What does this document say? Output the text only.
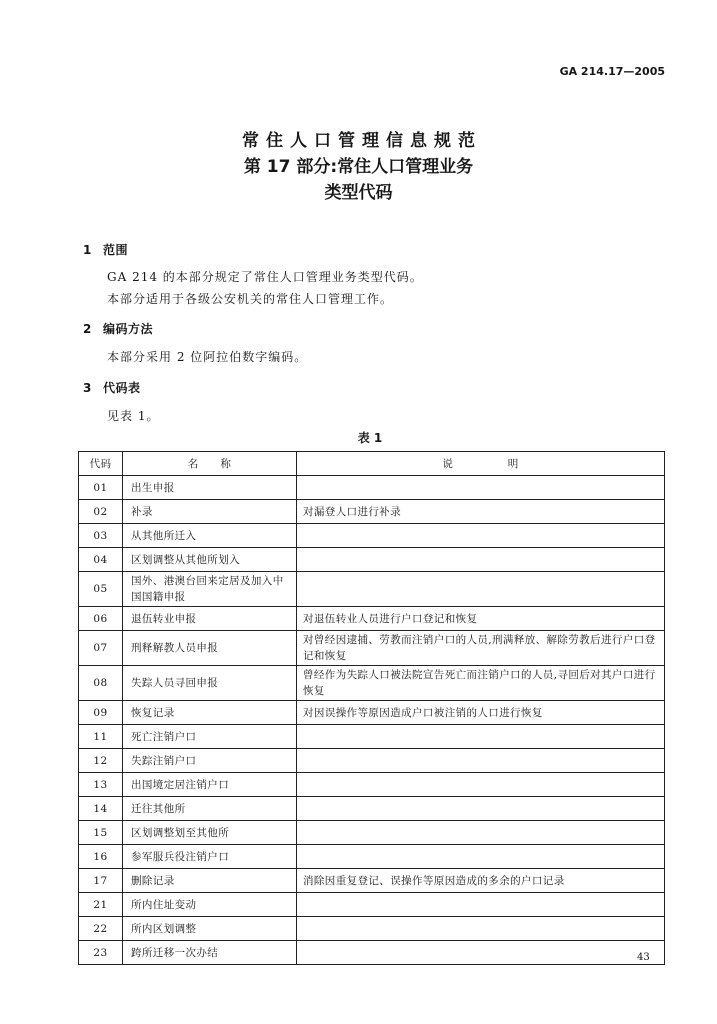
GA 214.17—2005
常住人口管理信息规范
第 17 部分:常住人口管理业务
类型代码
1 范围
GA 214 的本部分规定了常住人口管理业务类型代码。
本部分适用于各级公安机关的常住人口管理工作。
2 编码方法
本部分采用 2 位阿拉伯数字编码。
3 代码表
见表 1。
表 1
代码	名　　称	说　　　　　明
01	出生申报	
02	补录	对漏登人口进行补录
03	从其他所迁入	
04	区划调整从其他所划入	
05	国外、港澳台回来定居及加入中国国籍申报	
06	退伍转业申报	对退伍转业人员进行户口登记和恢复
07	刑释解教人员申报	对曾经因逮捕、劳教而注销户口的人员,刑满释放、解除劳教后进行户口登记和恢复
08	失踪人员寻回申报	曾经作为失踪人口被法院宣告死亡而注销户口的人员,寻回后对其户口进行恢复
09	恢复记录	对因误操作等原因造成户口被注销的人口进行恢复
11	死亡注销户口	
12	失踪注销户口	
13	出国境定居注销户口	
14	迁往其他所	
15	区划调整划至其他所	
16	参军服兵役注销户口	
17	删除记录	消除因重复登记、误操作等原因造成的多余的户口记录
21	所内住址变动	
22	所内区划调整	
23	跨所迁移一次办结		43
